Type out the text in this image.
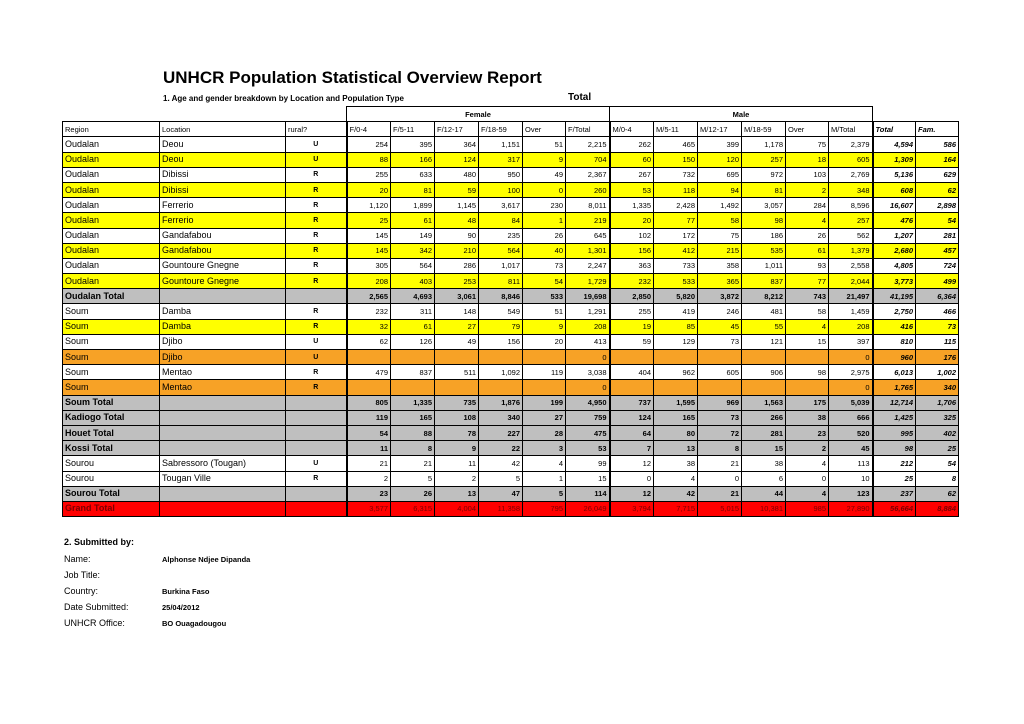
UNHCR Population Statistical Overview Report
1. Age and gender breakdown by Location and Population Type	Total
			Female						Male							
Region	Location	rural?	F/0-4	F/5-11	F/12-17	F/18-59	Over	F/Total	M/0-4	M/5-11	M/12-17	M/18-59	Over	M/Total	Total	Fam.
Oudalan	Deou	U	254	395	364	1,151	51	2,215	262	465	399	1,178	75	2,379	4,594	586
Oudalan	Deou	U	88	166	124	317	9	704	60	150	120	257	18	605	1,309	164
Oudalan	Dibissi	R	255	633	480	950	49	2,367	267	732	695	972	103	2,769	5,136	629
Oudalan	Dibissi	R	20	81	59	100	0	260	53	118	94	81	2	348	608	62
Oudalan	Ferrerio	R	1,120	1,899	1,145	3,617	230	8,011	1,335	2,428	1,492	3,057	284	8,596	16,607	2,898
Oudalan	Ferrerio	R	25	61	48	84	1	219	20	77	58	98	4	257	476	54
Oudalan	Gandafabou	R	145	149	90	235	26	645	102	172	75	186	26	562	1,207	281
Oudalan	Gandafabou	R	145	342	210	564	40	1,301	156	412	215	535	61	1,379	2,680	457
Oudalan	Gountoure Gnegne	R	305	564	286	1,017	73	2,247	363	733	358	1,011	93	2,558	4,805	724
Oudalan	Gountoure Gnegne	R	208	403	253	811	54	1,729	232	533	365	837	77	2,044	3,773	499
Oudalan Total			2,565	4,693	3,061	8,846	533	19,698	2,850	5,820	3,872	8,212	743	21,497	41,195	6,364
Soum	Damba	R	232	311	148	549	51	1,291	255	419	246	481	58	1,459	2,750	466
Soum	Damba	R	32	61	27	79	9	208	19	85	45	55	4	208	416	73
Soum	Djibo	U	62	126	49	156	20	413	59	129	73	121	15	397	810	115
Soum	Djibo	U						0						0	960	176
Soum	Mentao	R	479	837	511	1,092	119	3,038	404	962	605	906	98	2,975	6,013	1,002
Soum	Mentao	R						0						0	1,765	340
Soum Total			805	1,335	735	1,876	199	4,950	737	1,595	969	1,563	175	5,039	12,714	1,706
Kadiogo Total			119	165	108	340	27	759	124	165	73	266	38	666	1,425	325
Houet Total			54	88	78	227	28	475	64	80	72	281	23	520	995	402
Kossi Total			11	8	9	22	3	53	7	13	8	15	2	45	98	25
Sourou	Sabressoro (Tougan)	U	21	21	11	42	4	99	12	38	21	38	4	113	212	54
Sourou	Tougan Ville	R	2	5	2	5	1	15	0	4	0	6	0	10	25	8
Sourou Total			23	26	13	47	5	114	12	42	21	44	4	123	237	62
Grand Total			3,577	6,315	4,004	11,358	795	26,049	3,794	7,715	5,015	10,381	985	27,890	56,664	8,884
2. Submitted by:
Name:	Alphonse Ndjee Dipanda
Job Title:
Country:	Burkina Faso
Date Submitted:	25/04/2012
UNHCR Office:	BO Ouagadougou
